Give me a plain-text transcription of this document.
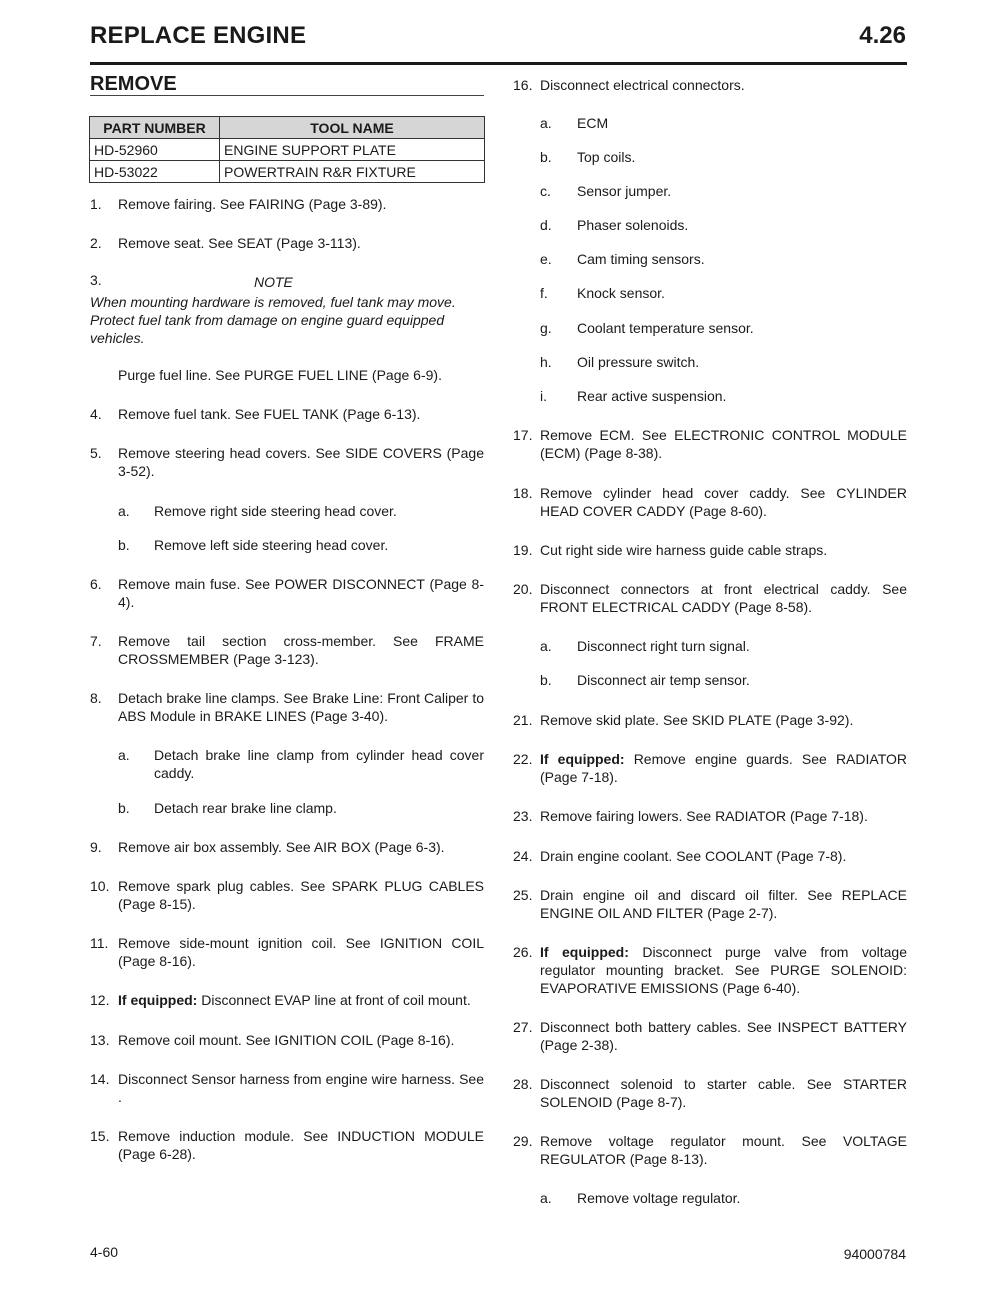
REPLACE ENGINE	4.26
REMOVE
PART NUMBER	TOOL NAME
HD-52960	ENGINE SUPPORT PLATE
HD-53022	POWERTRAIN R&R FIXTURE
1.	Remove fairing. See FAIRING (Page 3-89).
2.	Remove seat. See SEAT (Page 3-113).
3.	NOTE
When mounting hardware is removed, fuel tank may move. Protect fuel tank from damage on engine guard equipped vehicles.
Purge fuel line. See PURGE FUEL LINE (Page 6-9).
4.	Remove fuel tank. See FUEL TANK (Page 6-13).
5.	Remove steering head covers. See SIDE COVERS (Page 3-52).
a.	Remove right side steering head cover.
b.	Remove left side steering head cover.
6.	Remove main fuse. See POWER DISCONNECT (Page 8-4).
7.	Remove tail section cross-member. See FRAME CROSSMEMBER (Page 3-123).
8.	Detach brake line clamps. See Brake Line: Front Caliper to ABS Module in BRAKE LINES (Page 3-40).
a.	Detach brake line clamp from cylinder head cover caddy.
b.	Detach rear brake line clamp.
9.	Remove air box assembly. See AIR BOX (Page 6-3).
10. Remove spark plug cables. See SPARK PLUG CABLES (Page 8-15).
11. Remove side-mount ignition coil. See IGNITION COIL (Page 8-16).
12. If equipped: Disconnect EVAP line at front of coil mount.
13. Remove coil mount. See IGNITION COIL (Page 8-16).
14. Disconnect Sensor harness from engine wire harness. See .
15. Remove induction module. See INDUCTION MODULE (Page 6-28).
16. Disconnect electrical connectors.
a.	ECM
b.	Top coils.
c.	Sensor jumper.
d.	Phaser solenoids.
e.	Cam timing sensors.
f.	Knock sensor.
g.	Coolant temperature sensor.
h.	Oil pressure switch.
i.	Rear active suspension.
17. Remove ECM. See ELECTRONIC CONTROL MODULE (ECM) (Page 8-38).
18. Remove cylinder head cover caddy. See CYLINDER HEAD COVER CADDY (Page 8-60).
19. Cut right side wire harness guide cable straps.
20. Disconnect connectors at front electrical caddy. See FRONT ELECTRICAL CADDY (Page 8-58).
a.	Disconnect right turn signal.
b.	Disconnect air temp sensor.
21. Remove skid plate. See SKID PLATE (Page 3-92).
22. If equipped: Remove engine guards. See RADIATOR (Page 7-18).
23. Remove fairing lowers. See RADIATOR (Page 7-18).
24. Drain engine coolant. See COOLANT (Page 7-8).
25. Drain engine oil and discard oil filter. See REPLACE ENGINE OIL AND FILTER (Page 2-7).
26. If equipped: Disconnect purge valve from voltage regulator mounting bracket. See PURGE SOLENOID: EVAPORATIVE EMISSIONS (Page 6-40).
27. Disconnect both battery cables. See INSPECT BATTERY (Page 2-38).
28. Disconnect solenoid to starter cable. See STARTER SOLENOID (Page 8-7).
29. Remove voltage regulator mount. See VOLTAGE REGULATOR (Page 8-13).
a.	Remove voltage regulator.
4-60	94000784
